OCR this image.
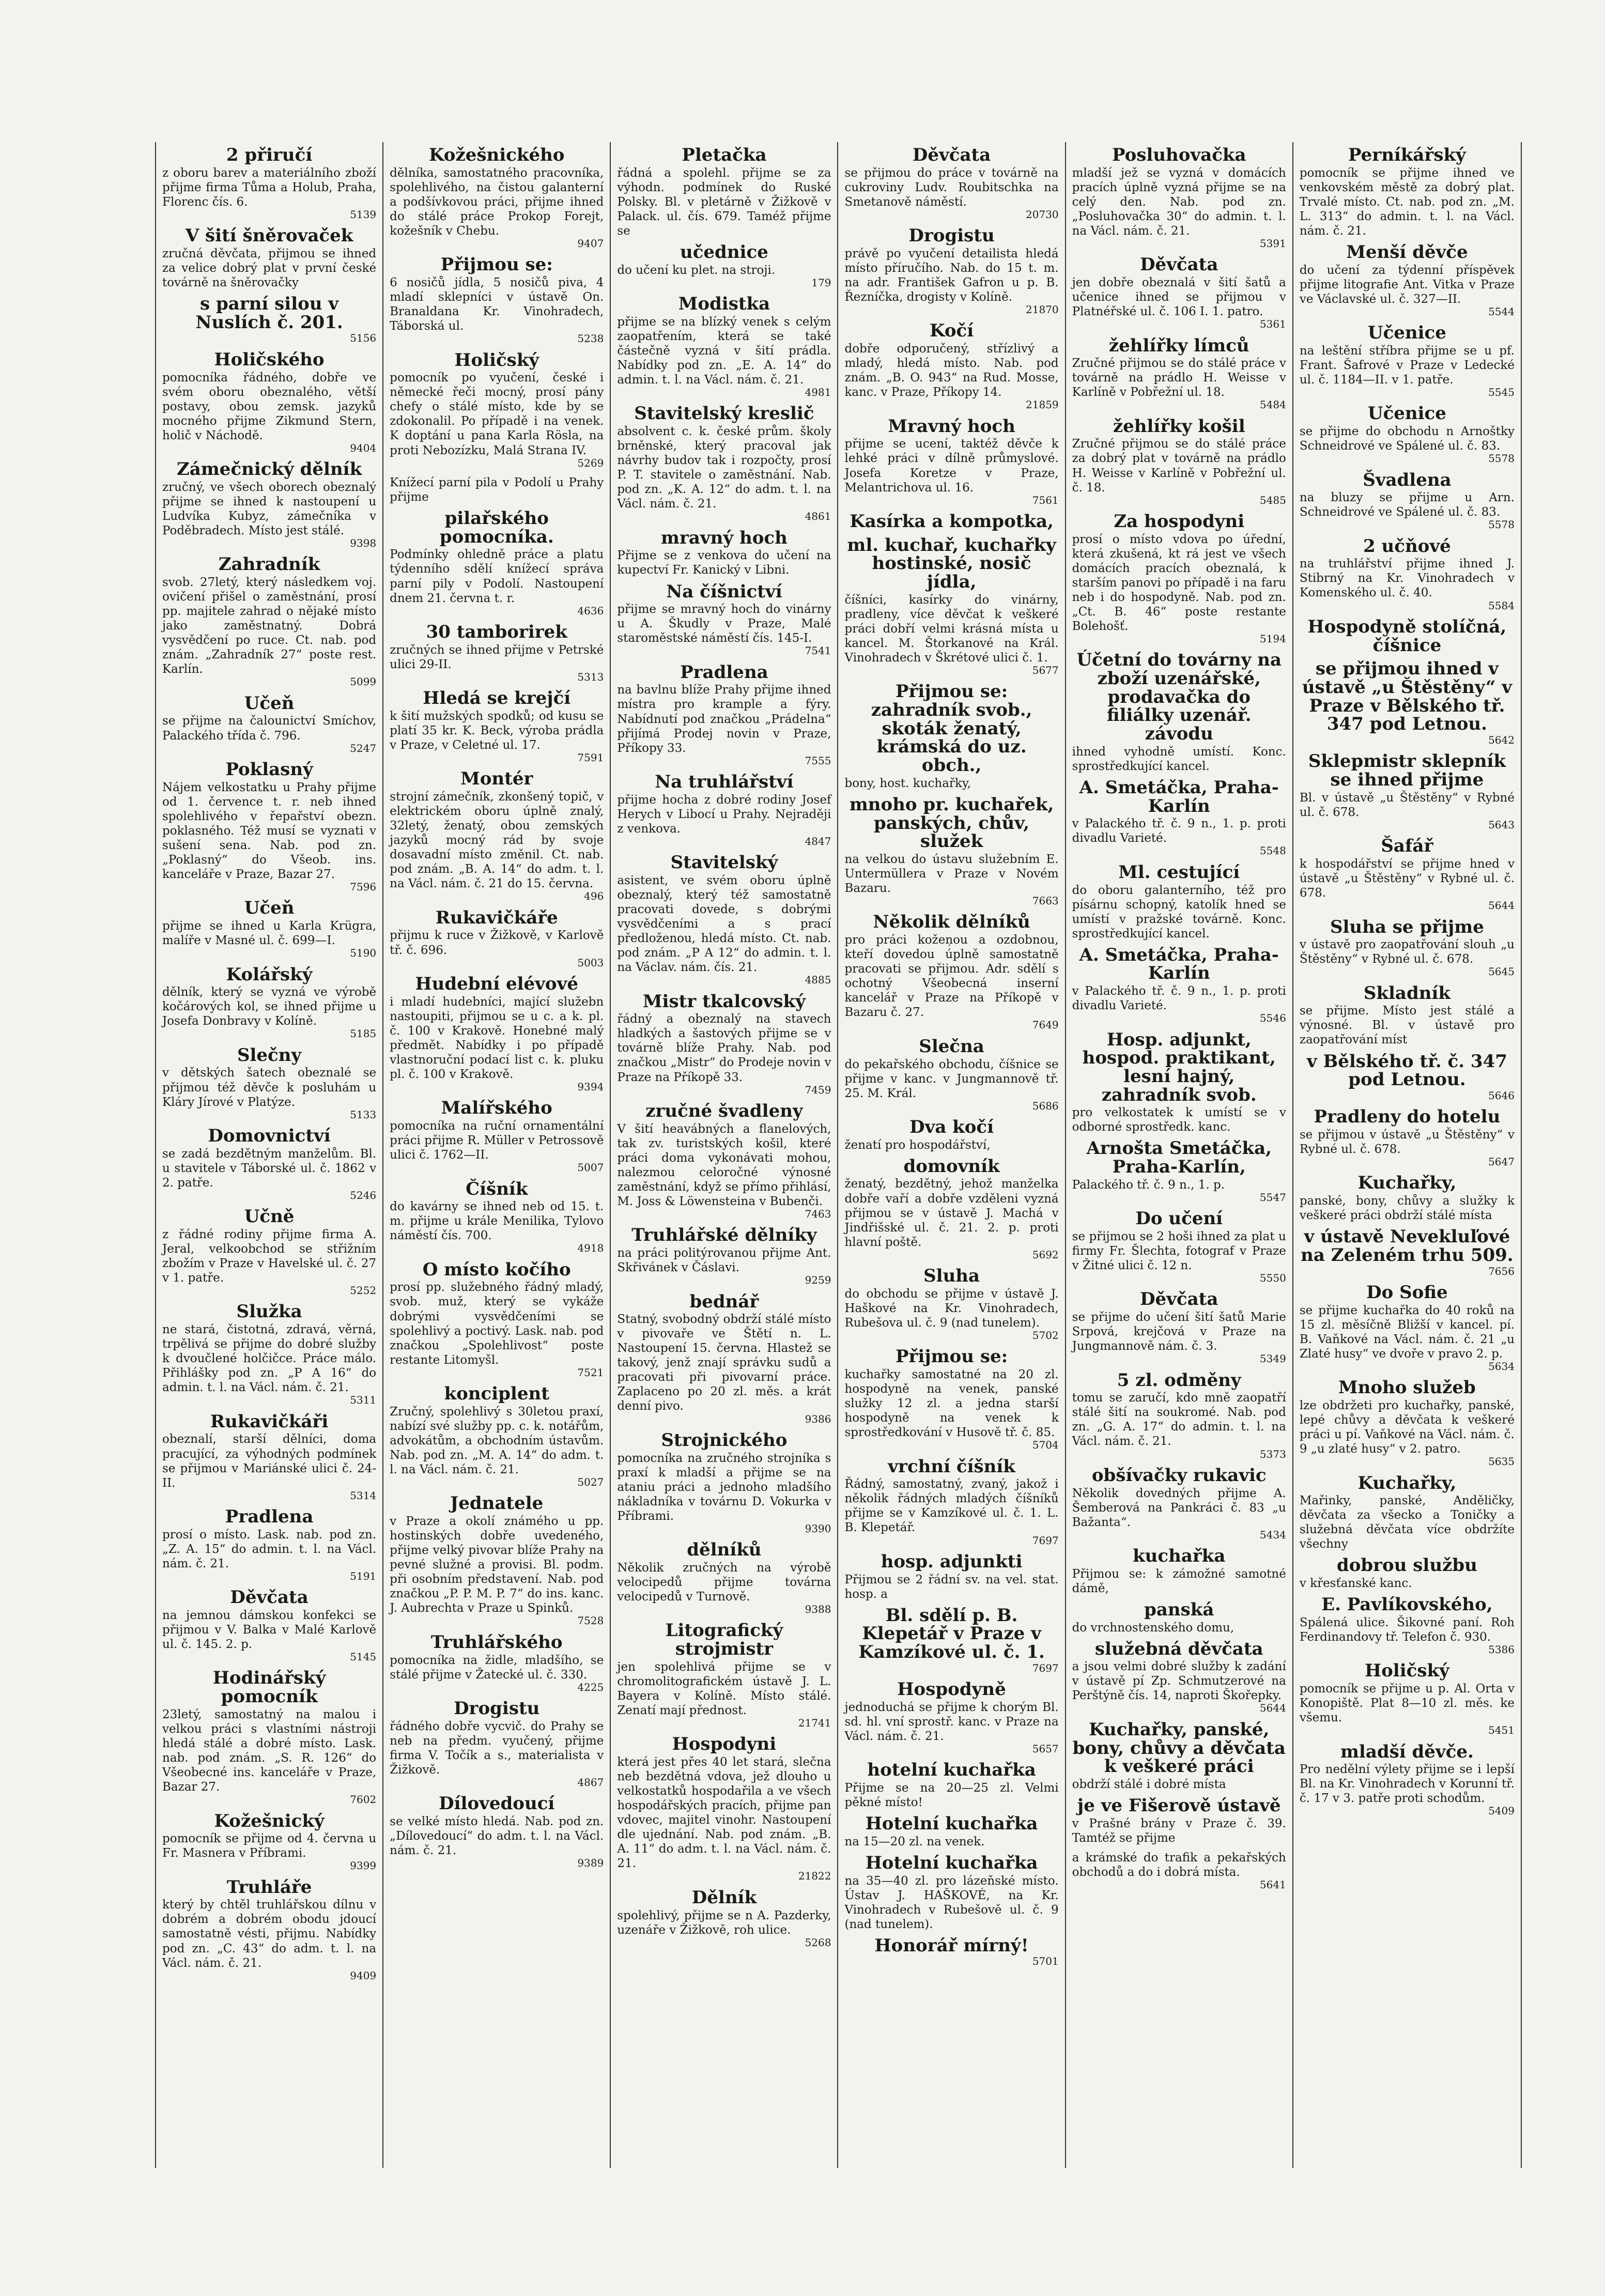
2 přiručí
z oboru barev a materiálního zboží přijme firma Tůma a Holub, Praha, Florenc čís. 6.
5139
V šití šněrovaček
zručná děvčata, přijmou se ihned za velice dobrý plat v první české továrně na šněrovačky
s parní silou v Nuslích č. 201.
5156
Holičského
pomocníka řádného, dobře ve svém oboru obeznalého, větší postavy, obou zemsk. jazyků mocného přijme Zikmund Stern, holič v Náchodě.
9404
Zámečnický dělník
zručný, ve všech oborech obeznalý přijme se ihned k nastoupení u Ludvíka Kubyz, zámečníka v Poděbradech. Místo jest stálé.
9398
Zahradník
svob. 27letý, který následkem voj. ovičení přišel o zaměstnání, prosí pp. majitele zahrad o nějaké místo jako zaměstnatný. Dobrá vysvědčení po ruce. Ct. nab. pod znám. „Zahradník 27“ poste rest. Karlín.
5099
Učeň
se přijme na čalounictví Smíchov, Palackého třída č. 796.
5247
Poklasný
Nájem velkostatku u Prahy přijme od 1. července t. r. neb ihned spolehlivého v řepařství obezn. poklasného. Též musí se vyznati v sušení sena. Nab. pod zn. „Poklasný“ do Všeob. ins. kanceláře v Praze, Bazar 27.
7596
Učeň
přijme se ihned u Karla Krügra, malíře v Masné ul. č. 699—I.
5190
Kolářský
dělník, který se vyzná ve výrobě kočárových kol, se ihned přijme u Josefa Donbravy v Kolíně.
5185
Slečny
v dětských šatech obeznalé se přijmou též děvče k posluhám u Kláry Jírové v Platýze.
5133
Domovnictví
se zadá bezdětným manželům. Bl. u stavitele v Táborské ul. č. 1862 v 2. patře.
5246
Učně
z řádné rodiny přijme firma A. Jeral, velkoobchod se střižním zbožím v Praze v Havelské ul. č. 27 v 1. patře.
5252
Služka
ne stará, čistotná, zdravá, věrná, trpělivá se přijme do dobré služby k dvoučlené holčičce. Práce málo. Přihlášky pod zn. „P A 16“ do admin. t. l. na Václ. nám. č. 21.
5311
Rukavičkáři
obeznalí, starší dělníci, doma pracující, za výhodných podmínek se přijmou v Mariánské ulici č. 24-II.
5314
Pradlena
prosí o místo. Lask. nab. pod zn. „Z. A. 15“ do admin. t. l. na Václ. nám. č. 21.
5191
Děvčata
na jemnou dámskou konfekci se přijmou v V. Balka v Malé Karlově ul. č. 145. 2. p.
5145
Hodinářský pomocník
23letý, samostatný na malou i velkou práci s vlastními nástroji hledá stálé a dobré místo. Lask. nab. pod znám. „S. R. 126“ do Všeobecné ins. kanceláře v Praze, Bazar 27.
7602
Kožešnický
pomocník se přijme od 4. června u Fr. Masnera v Příbrami.
9399
Truhláře
který by chtěl truhlářskou dílnu v dobrém a dobrém obodu jdoucí samostatně vésti, přijmu. Nabídky pod zn. „C. 43“ do adm. t. l. na Václ. nám. č. 21.
9409
Kožešnického
dělníka, samostatného pracovníka, spolehlivého, na čistou galanterní a podšívkovou práci, přijme ihned do stálé práce Prokop Forejt, kožešník v Chebu.
9407
Přijmou se:
6 nosičů jídla, 5 nosičů piva, 4 mladí sklepníci v ústavě On. Branaldana Kr. Vinohradech, Táborská ul.
5238
Holičský
pomocník po vyučení, české i německé řeči mocný, prosí pány chefy o stálé místo, kde by se zdokonalil. Po případě i na venek. K doptání u pana Karla Rösla, na proti Nebozízku, Malá Strana IV.
5269
Knížecí parní pila v Podolí u Prahy přijme
pilařského pomocníka.
Podmínky ohledně práce a platu týdenního sdělí knížecí správa parní pily v Podolí. Nastoupení dnem 21. června t. r.
4636
30 tamborirek
zručných se ihned přijme v Petrské ulici 29-II.
5313
Hledá se krejčí
k šití mužských spodků; od kusu se platí 35 kr. K. Beck, výroba prádla v Praze, v Celetné ul. 17.
7591
Montér
strojní zámečník, zkonšený topič, v elektrickém oboru úplně znalý, 32letý, ženatý, obou zemských jazyků mocný rád by svoje dosavadní místo změnil. Ct. nab. pod znám. „B. A. 14“ do adm. t. l. na Václ. nám. č. 21 do 15. června.
496
Rukavičkáře
přijmu k ruce v Žižkově, v Karlově tř. č. 696.
5003
Hudební elévové
i mladí hudebníci, mající služebn nastoupiti, přijmou se u c. a k. pl. č. 100 v Krakově. Honebné malý předmět. Nabídky i po případě vlastnoruční podací list c. k. pluku pl. č. 100 v Krakově.
9394
Malířského
pomocníka na ruční ornamentální práci přijme R. Müller v Petrossově ulici č. 1762—II.
5007
Číšník
do kavárny se ihned neb od 15. t. m. přijme u krále Menilika, Tylovo náměstí čís. 700.
4918
O místo kočího
prosí pp. služebného řádný mladý, svob. muž, který se vykáže dobrými vysvědčeními se spolehlivý a poctivý. Lask. nab. pod značkou „Spolehlivost“ poste restante Litomyšl.
7521
konciplent
Zručný, spolehlivý s 30letou praxí, nabízí své služby pp. c. k. notářům, advokátům, a obchodním ústavům. Nab. pod zn. „M. A. 14“ do adm. t. l. na Václ. nám. č. 21.
5027
Jednatele
v Praze a okolí známého u pp. hostinských dobře uvedeného, přijme velký pivovar blíže Prahy na pevné služné a provisi. Bl. podm. při osobním představení. Nab. pod značkou „P. P. M. P. 7“ do ins. kanc. J. Aubrechta v Praze u Spinků.
7528
Truhlářského
pomocníka na židle, mladšího, se stálé přijme v Žatecké ul. č. 330.
4225
Drogistu
řádného dobře vycvič. do Prahy se neb na předm. vyučený, přijme firma V. Točík a s., materialista v Žižkově.
4867
Dílovedoucí
se velké místo hledá. Nab. pod zn. „Dílovedoucí“ do adm. t. l. na Václ. nám. č. 21.
9389
Pletačka
řádná a spolehl. přijme se za výhodn. podmínek do Ruské Polsky. Bl. v pletárně v Žižkově v Palack. ul. čís. 679. Taméž přijme se
učednice
do učení ku plet. na stroji.
179
Modistka
přijme se na blízký venek s celým zaopatřením, která se také částečně vyzná v šití prádla. Nabídky pod zn. „E. A. 14“ do admin. t. l. na Václ. nám. č. 21.
4981
Stavitelský kreslič
absolvent c. k. české prům. školy brněnské, který pracoval jak návrhy budov tak i rozpočty, prosí P. T. stavitele o zaměstnání. Nab. pod zn. „K. A. 12“ do adm. t. l. na Václ. nám. č. 21.
4861
mravný hoch
Přijme se z venkova do učení na kupectví Fr. Kanický v Libni.
Na číšnictví
přijme se mravný hoch do vinárny u A. Škudly v Praze, Malé staroměstské náměstí čís. 145-I.
7541
Pradlena
na bavlnu blíže Prahy přijme ihned místra pro krample a fýry. Nabídnutí pod značkou „Prádelna“ přijímá Prodej novin v Praze, Příkopy 33.
7555
Na truhlářství
přijme hocha z dobré rodiny Josef Herych v Libocí u Prahy. Nejraději z venkova.
4847
Stavitelský
asistent, ve svém oboru úplně obeznalý, který též samostatně pracovati dovede, s dobrými vysvědčeními a s prací předloženou, hledá místo. Ct. nab. pod znám. „P A 12“ do admin. t. l. na Václav. nám. čís. 21.
4885
Mistr tkalcovský
řádný a obeznalý na stavech hladkých a šastových přijme se v továrně blíže Prahy. Nab. pod značkou „Mistr“ do Prodeje novin v Praze na Příkopě 33.
7459
zručné švadleny
V šití heavábných a flanelových, tak zv. turistských košil, které práci doma vykonávati mohou, nalezmou celoročné výnosné zaměstnání, když se přímo přihlásí, M. Joss & Löwensteina v Bubenči.
7463
Truhlářské dělníky
na práci politýrovanou přijme Ant. Skřivánek v Čáslavi.
9259
bednář
Statný, svobodný obdrží stálé místo v pivovaře ve Štětí n. L. Nastoupení 15. června. Hlastež se takový, jenž znají správku sudů a pracovati při pivovarní práce. Zaplaceno po 20 zl. měs. a krát denní pivo.
9386
Strojnického
pomocníka na zručného strojníka s praxí k mladší a přijme se na ataniu práci a jednoho mladšího nákladníka v továrnu D. Vokurka v Příbrami.
9390
dělníků
Několik zručných na výrobě velocipedů přijme továrna velocipedů v Turnově.
9388
Litografický strojmistr
jen spolehlivá přijme se v chromolitografickém ústavě J. L. Bayera v Kolíně. Místo stálé. Zenatí mají přednost.
21741
Hospodyni
která jest přes 40 let stará, slečna neb bezdětná vdova, jež dlouho u velkostatků hospodařila a ve všech hospodářských pracích, přijme pan vdovec, majitel vinohr. Nastoupení dle ujednání. Nab. pod znám. „B. A. 11“ do adm. t. l. na Václ. nám. č. 21.
21822
Dělník
spolehlivý, přijme se n A. Pazderky, uzenáře v Žižkově, roh ulice.
5268
Děvčata
se přijmou do práce v továrně na cukroviny Ludv. Roubitschka na Smetanově náměstí.
20730
Drogistu
právě po vyučení detailista hledá místo příručího. Nab. do 15 t. m. na adr. František Gafron u p. B. Řezníčka, drogisty v Kolíně.
21870
Kočí
dobře odporučený, střízlivý a mladý, hledá místo. Nab. pod znám. „B. O. 943“ na Rud. Mosse, kanc. v Praze, Příkopy 14.
21859
Mravný hoch
přijme se ucení, taktéž děvče k lehké práci v dílně průmyslové. Josefa Koretze v Praze, Melantrichova ul. 16.
7561
Kasírka a kompotka,
ml. kuchař, kuchařky hostinské, nosič jídla,
číšníci, kasírky do vinárny, pradleny, více děvčat k veškeré práci dobří velmi krásná místa u kancel. M. Štorkanové na Král. Vinohradech v Škrétové ulici č. 1.
5677
Přijmou se: zahradník svob., skoták ženatý, krámská do uz. obch.,
bony, host. kuchařky,
mnoho pr. kuchařek, panských, chův, služek
na velkou do ústavu služebním E. Untermüllera v Praze v Novém Bazaru.
7663
Několik dělníků
pro práci kožeņou a ozdobnou, kteří dovedou úplně samostatně pracovati se přijmou. Adr. sdělí s ochotný Všeobecná inserní kancelář v Praze na Příkopě v Bazaru č. 27.
7649
Slečna
do pekařského obchodu, číšnice se přijme v kanc. v Jungmannově tř. 25. M. Král.
5686
Dva kočí
ženatí pro hospodářství,
domovník
ženatý, bezdětný, jehož manželka dobře vaří a dobře vzděleni vyzná přijmou se v ústavě J. Machá v Jindřišské ul. č. 21. 2. p. proti hlavní poště.
5692
Sluha
do obchodu se přijme v ústavě J. Haškové na Kr. Vinohradech, Rubešova ul. č. 9 (nad tunelem).
5702
Přijmou se:
kuchařky samostatné na 20 zl. hospodyně na venek, panské služky 12 zl. a jedna starší hospodyně na venek k sprostředkování v Husově tř. č. 85.
5704
vrchní číšník
Řádný, samostatný, zvaný, jakož i několik řádných mladých číšníků přijme se v Kamzíkové ul. č. 1. L. B. Klepetář.
7697
hosp. adjunkti
Přijmou se 2 řádní sv. na vel. stat. hosp. a
Bl. sdělí p. B. Klepetář v Praze v Kamzíkové ul. č. 1.
7697
Hospodyně
jednoduchá se přijme k chorým Bl. sd. hl. vní sprostř. kanc. v Praze na Václ. nám. č. 21.
5657
hotelní kuchařka
Přijme se na 20—25 zl. Velmi pěkné místo!
Hotelní kuchařka
na 15—20 zl. na venek.
Hotelní kuchařka
na 35—40 zl. pro lázeňské místo. Ústav J. HAŠKOVÉ, na Kr. Vinohradech v Rubešově ul. č. 9 (nad tunelem).
Honorář mírný!
5701
Posluhovačka
mladší jež se vyzná v domácích pracích úplně vyzná přijme se na celý den. Nab. pod zn. „Posluhovačka 30“ do admin. t. l. na Václ. nám. č. 21.
5391
Děvčata
jen dobře obeznalá v šití šatů a učenice ihned se přijmou v Platnéřské ul. č. 106 I. 1. patro.
5361
žehlířky límců
Zručné přijmou se do stálé práce v továrně na prádlo H. Weisse v Karlíně v Pobřežní ul. 18.
5484
žehlířky košil
Zručné přijmou se do stálé práce za dobrý plat v továrně na prádlo H. Weisse v Karlíně v Pobřežní ul. č. 18.
5485
Za hospodyni
prosí o místo vdova po úřední, která zkušená, kt rá jest ve všech domácích pracích obeznalá, k starším panovi po případě i na faru neb i do hospodyně. Nab. pod zn. „Ct. B. 46“ poste restante Bolehošť.
5194
Účetní do továrny na zboží uzenářské, prodavačka do filiálky uzenář. závodu
ihned vyhodně umístí. Konc. sprostředkující kancel.
A. Smetáčka, Praha-Karlín
v Palackého tř. č. 9 n., 1. p. proti divadlu Varieté.
5548
Ml. cestující
do oboru galanterního, též pro písárnu schopný, katolík hned se umístí v pražské továrně. Konc. sprostředkující kancel.
A. Smetáčka, Praha-Karlín
v Palackého tř. č. 9 n., 1. p. proti divadlu Varieté.
5546
Hosp. adjunkt, hospod. praktikant, lesní hajný, zahradník svob.
pro velkostatek k umístí se v odborné sprostředk. kanc.
Arnošta Smetáčka, Praha-Karlín,
Palackého tř. č. 9 n., 1. p.
5547
Do učení
se přijmou se 2 hoši ihned za plat u firmy Fr. Šlechta, fotograf v Praze v Žitné ulici č. 12 n.
5550
Děvčata
se přijme do učení šití šatů Marie Srpová, krejčová v Praze na Jungmannově nám. č. 3.
5349
5 zl. odměny
tomu se zaručí, kdo mně zaopatří stálé šití na soukromé. Nab. pod zn. „G. A. 17“ do admin. t. l. na Václ. nám. č. 21.
5373
obšívačky rukavic
Několik dovedných přijme A. Šemberová na Pankráci č. 83 „u Bažanta“.
5434
kuchařka
Přijmou se: k zámožné samotné dámě,
panská
do vrchnostenského domu,
služebná děvčata
a jsou velmi dobré služby k zadání v ústavě pí Zp. Schmutzerové na Perštýně čís. 14, naproti Škořepky.
5644
Kuchařky, panské, bony, chůvy a děvčata k veškeré práci
obdrží stálé i dobré místa
je ve Fišerově ústavě
v Prašné brány v Praze č. 39. Tamtéž se přijme
a krámské do trafik a pekařských obchodů a do i dobrá místa.
5641
Perníkářský
pomocník se přijme ihned ve venkovském městě za dobrý plat. Trvalé místo. Ct. nab. pod zn. „M. L. 313“ do admin. t. l. na Václ. nám. č. 21.
Menší děvče
do učení za týdenní příspěvek přijme litografie Ant. Vitka v Praze ve Václavské ul. č. 327—II.
5544
Učenice
na leštění stříbra přijme se u pf. Frant. Šafrové v Praze v Ledecké ul. č. 1184—II. v 1. patře.
5545
Učenice
se přijme do obchodu n Arnoštky Schneidrové ve Spálené ul. č. 83.
5578
Švadlena
na bluzy se přijme u Arn. Schneidrové ve Spálené ul. č. 83.
5578
2 učňové
na truhlářství přijme ihned J. Stibrný na Kr. Vinohradech v Komenského ul. č. 40.
5584
Hospodyně stolíčná, číšnice
se přijmou ihned v ústavě „u Štěstěny“ v Praze v Bělského tř. 347 pod Letnou.
5642
Sklepmistr sklepník se ihned přijme
Bl. v ústavě „u Štěstěny“ v Rybné ul. č. 678.
5643
Šafář
k hospodářství se přijme hned v ústavě „u Štěstěny“ v Rybné ul. č. 678.
5644
Sluha se přijme
v ústavě pro zaopatřování slouh „u Štěstěny“ v Rybné ul. č. 678.
5645
Skladník
se přijme. Místo jest stálé a výnosné. Bl. v ústavě pro zaopatřování míst
v Bělského tř. č. 347 pod Letnou.
5646
Pradleny do hotelu
se přijmou v ústavě „u Štěstěny“ v Rybné ul. č. 678.
5647
Kuchařky,
panské, bony, chůvy a služky k veškeré práci obdrží stálé místa
v ústavě Nevekluľové na Zeleném trhu 509.
7656
Do Sofie
se přijme kuchařka do 40 roků na 15 zl. měsíčně Bližší v kancel. pí. B. Vaňkové na Václ. nám. č. 21 „u Zlaté husy“ ve dvoře v pravo 2. p.
5634
Mnoho služeb
lze obdržeti pro kuchařky, panské, lepé chůvy a děvčata k veškeré práci u pí. Vaňkové na Václ. nám. č. 9 „u zlaté husy“ v 2. patro.
5635
Kuchařky,
Mařinky, panské, Anděličky, děvčata za všecko a Toničky a služebná děvčata více obdržíte všechny
dobrou službu
v křesťanské kanc.
E. Pavlíkovského,
Spálená ulice. Šikovné paní. Roh Ferdinandovy tř. Telefon č. 930.
5386
Holičský
pomocník se přijme u p. Al. Orta v Konopiště. Plat 8—10 zl. měs. ke všemu.
5451
mladší děvče.
Pro nedělní výlety přijme se i lepší Bl. na Kr. Vinohradech v Korunní tř. č. 17 v 3. patře proti schodům.
5409
